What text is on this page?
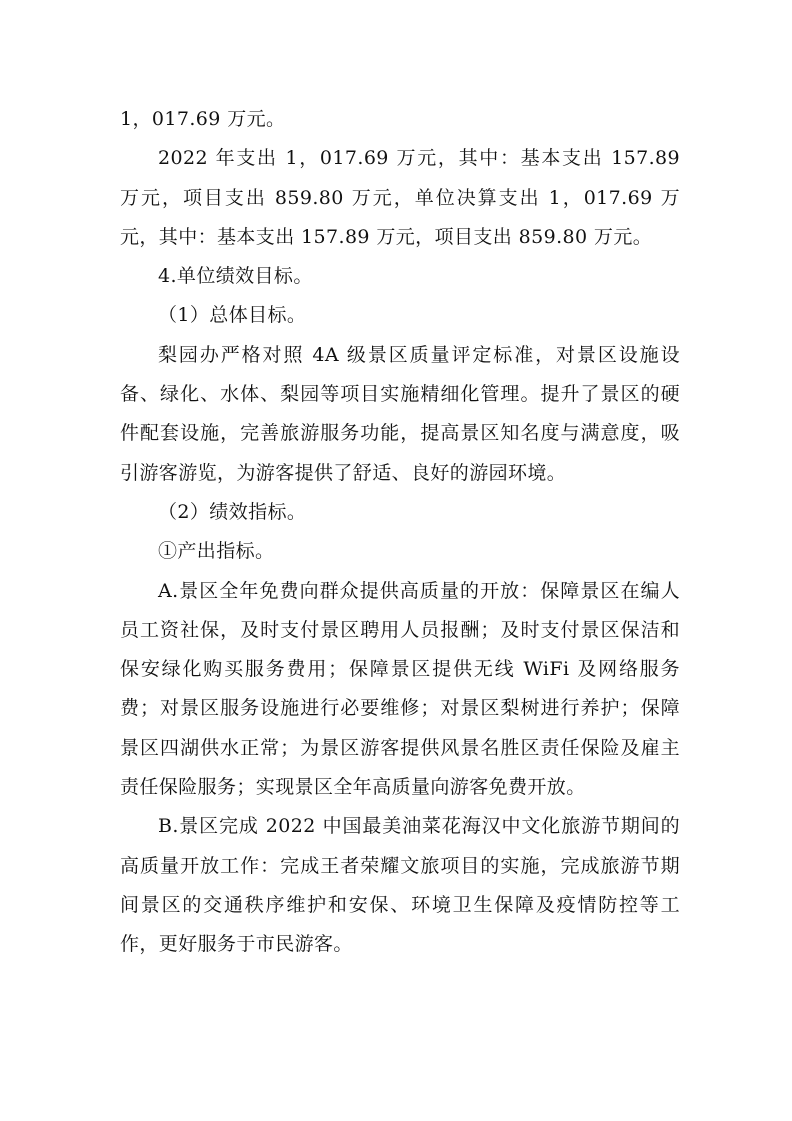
1，017.69 万元。

2022 年支出 1，017.69 万元，其中：基本支出 157.89 万元，项目支出 859.80 万元，单位决算支出 1，017.69 万元，其中：基本支出 157.89 万元，项目支出 859.80 万元。

4.单位绩效目标。

（1）总体目标。

梨园办严格对照 4A 级景区质量评定标准，对景区设施设备、绿化、水体、梨园等项目实施精细化管理。提升了景区的硬件配套设施，完善旅游服务功能，提高景区知名度与满意度，吸引游客游览，为游客提供了舒适、良好的游园环境。

（2）绩效指标。

①产出指标。

A.景区全年免费向群众提供高质量的开放：保障景区在编人员工资社保，及时支付景区聘用人员报酬；及时支付景区保洁和保安绿化购买服务费用；保障景区提供无线 WiFi 及网络服务费；对景区服务设施进行必要维修；对景区梨树进行养护；保障景区四湖供水正常；为景区游客提供风景名胜区责任保险及雇主责任保险服务；实现景区全年高质量向游客免费开放。

B.景区完成 2022 中国最美油菜花海汉中文化旅游节期间的高质量开放工作：完成王者荣耀文旅项目的实施，完成旅游节期间景区的交通秩序维护和安保、环境卫生保障及疫情防控等工作，更好服务于市民游客。
